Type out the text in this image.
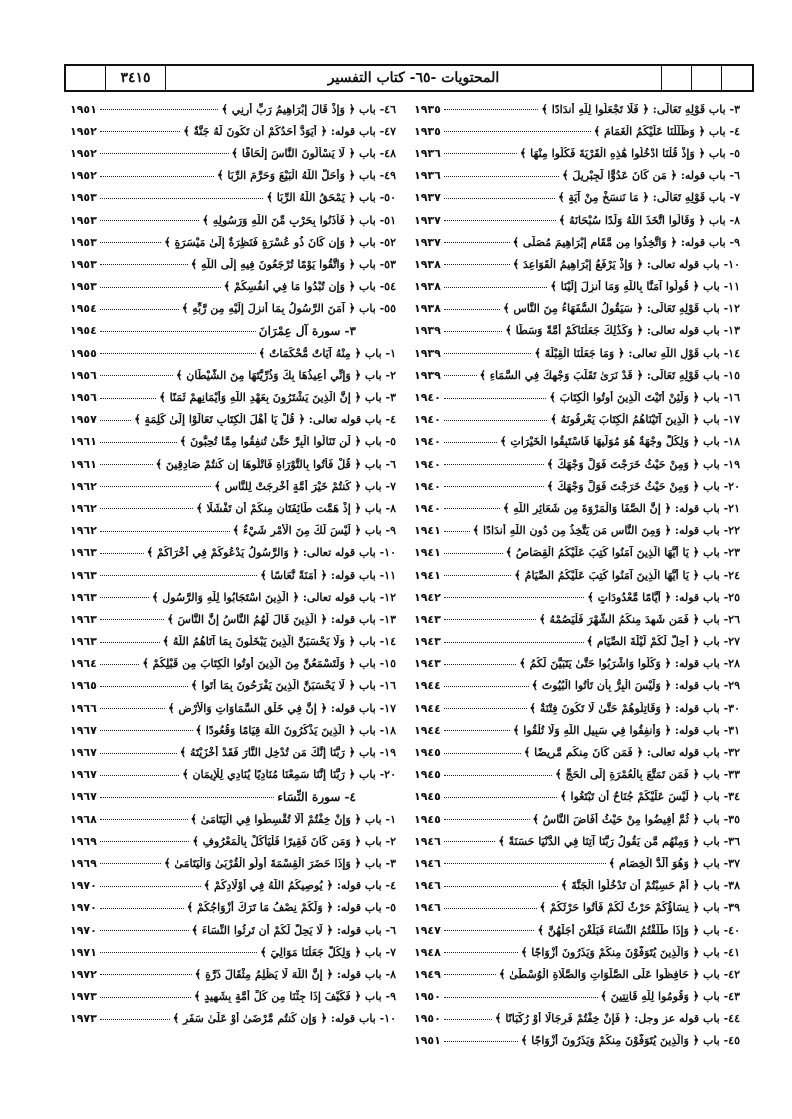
٣٤١٥	المحتويات -٦٥- كتاب التفسير
٣- باب قَوْلِهِ تَعَالَى: ﴿ فَلَا تَجْعَلُوا لِلَّهِ أَندَادًا ﴾
١٩٣٥
٤- باب ﴿ وَظَلَّلْنَا عَلَيْكُمُ الْغَمَامَ ﴾
١٩٣٥
٥- باب ﴿ وَإِذْ قُلْنَا ادْخُلُوا هَٰذِهِ الْقَرْيَةَ فَكُلُوا مِنْهَا ﴾
١٩٣٦
٦- باب قوله: ﴿ مَن كَانَ عَدُوًّا لِّجِبْرِيلَ ﴾
١٩٣٦
٧- باب قَوْلِهِ تَعَالَى: ﴿ مَا نَنسَخْ مِنْ آيَةٍ ﴾
١٩٣٧
٨- باب ﴿ وَقَالُوا اتَّخَذَ اللَّهُ وَلَدًا سُبْحَانَهُ ﴾
١٩٣٧
٩- باب قوله: ﴿ وَاتَّخِذُوا مِن مَّقَامِ إِبْرَاهِيمَ مُصَلًّى ﴾
١٩٣٧
١٠- باب قوله تعالى: ﴿ وَإِذْ يَرْفَعُ إِبْرَاهِيمُ الْقَوَاعِدَ ﴾
١٩٣٨
١١- باب ﴿ قُولُوا آمَنَّا بِاللَّهِ وَمَا أُنزِلَ إِلَيْنَا ﴾
١٩٣٨
١٢- باب قَوْلِهِ تَعَالَى: ﴿ سَيَقُولُ السُّفَهَاءُ مِنَ النَّاسِ ﴾
١٩٣٨
١٣- باب قوله تعالى: ﴿ وَكَذَٰلِكَ جَعَلْنَاكُمْ أُمَّةً وَسَطًا ﴾
١٩٣٩
١٤- باب قَوْلِ اللَّهِ تعالى: ﴿ وَمَا جَعَلْنَا الْقِبْلَةَ ﴾
١٩٣٩
١٥- باب قَوْلِهِ تَعَالَى: ﴿ قَدْ نَرَىٰ تَقَلُّبَ وَجْهِكَ فِي السَّمَاءِ ﴾
١٩٣٩
١٦- باب ﴿ وَلَئِنْ أَتَيْتَ الَّذِينَ أُوتُوا الْكِتَابَ ﴾
١٩٤٠
١٧- باب ﴿ الَّذِينَ آتَيْنَاهُمُ الْكِتَابَ يَعْرِفُونَهُ ﴾
١٩٤٠
١٨- باب ﴿ وَلِكُلٍّ وِجْهَةٌ هُوَ مُوَلِّيهَا فَاسْتَبِقُوا الْخَيْرَاتِ ﴾
١٩٤٠
١٩- باب ﴿ وَمِنْ حَيْثُ خَرَجْتَ فَوَلِّ وَجْهَكَ ﴾
١٩٤٠
٢٠- باب ﴿ وَمِنْ حَيْثُ خَرَجْتَ فَوَلِّ وَجْهَكَ ﴾
١٩٤٠
٢١- باب قوله: ﴿ إِنَّ الصَّفَا وَالْمَرْوَةَ مِن شَعَائِرِ اللَّهِ ﴾
١٩٤٠
٢٢- باب قوله: ﴿ وَمِنَ النَّاسِ مَن يَتَّخِذُ مِن دُونِ اللَّهِ أَندَادًا ﴾
١٩٤١
٢٣- باب ﴿ يَا أَيُّهَا الَّذِينَ آمَنُوا كُتِبَ عَلَيْكُمُ الْقِصَاصُ ﴾
١٩٤١
٢٤- باب ﴿ يَا أَيُّهَا الَّذِينَ آمَنُوا كُتِبَ عَلَيْكُمُ الصِّيَامُ ﴾
١٩٤١
٢٥- باب قوله: ﴿ أَيَّامًا مَّعْدُودَاتٍ ﴾
١٩٤٢
٢٦- باب ﴿ فَمَن شَهِدَ مِنكُمُ الشَّهْرَ فَلْيَصُمْهُ ﴾
١٩٤٣
٢٧- باب ﴿ أُحِلَّ لَكُمْ لَيْلَةَ الصِّيَامِ ﴾
١٩٤٣
٢٨- باب قوله: ﴿ وَكُلُوا وَاشْرَبُوا حَتَّىٰ يَتَبَيَّنَ لَكُمُ ﴾
١٩٤٣
٢٩- باب قوله: ﴿ وَلَيْسَ الْبِرُّ بِأَن تَأْتُوا الْبُيُوتَ ﴾
١٩٤٤
٣٠- باب قوله: ﴿ وَقَاتِلُوهُمْ حَتَّىٰ لَا تَكُونَ فِتْنَةٌ ﴾
١٩٤٤
٣١- باب قوله: ﴿ وَأَنفِقُوا فِي سَبِيلِ اللَّهِ وَلَا تُلْقُوا ﴾
١٩٤٤
٣٢- باب قوله تعالى: ﴿ فَمَن كَانَ مِنكُم مَّرِيضًا ﴾
١٩٤٥
٣٣- باب ﴿ فَمَن تَمَتَّعَ بِالْعُمْرَةِ إِلَى الْحَجِّ ﴾
١٩٤٥
٣٤- باب ﴿ لَيْسَ عَلَيْكُمْ جُنَاحٌ أَن تَبْتَغُوا ﴾
١٩٤٥
٣٥- باب ﴿ ثُمَّ أَفِيضُوا مِنْ حَيْثُ أَفَاضَ النَّاسُ ﴾
١٩٤٥
٣٦- باب ﴿ وَمِنْهُم مَّن يَقُولُ رَبَّنَا آتِنَا فِي الدُّنْيَا حَسَنَةً ﴾
١٩٤٦
٣٧- باب ﴿ وَهُوَ أَلَدُّ الْخِصَامِ ﴾
١٩٤٦
٣٨- باب ﴿ أَمْ حَسِبْتُمْ أَن تَدْخُلُوا الْجَنَّةَ ﴾
١٩٤٦
٣٩- باب ﴿ نِسَاؤُكُمْ حَرْثٌ لَّكُمْ فَأْتُوا حَرْثَكُمْ ﴾
١٩٤٦
٤٠- باب ﴿ وَإِذَا طَلَّقْتُمُ النِّسَاءَ فَبَلَغْنَ أَجَلَهُنَّ ﴾
١٩٤٧
٤١- باب ﴿ وَالَّذِينَ يُتَوَفَّوْنَ مِنكُمْ وَيَذَرُونَ أَزْوَاجًا ﴾
١٩٤٨
٤٢- باب ﴿ حَافِظُوا عَلَى الصَّلَوَاتِ وَالصَّلَاةِ الْوُسْطَىٰ ﴾
١٩٤٩
٤٣- باب ﴿ وَقُومُوا لِلَّهِ قَانِتِينَ ﴾
١٩٥٠
٤٤- باب قوله عز وجل: ﴿ فَإِنْ خِفْتُمْ فَرِجَالًا أَوْ رُكْبَانًا ﴾
١٩٥٠
٤٥- باب ﴿ وَالَّذِينَ يُتَوَفَّوْنَ مِنكُمْ وَيَذَرُونَ أَزْوَاجًا ﴾
١٩٥١
٤٦- باب ﴿ وَإِذْ قَالَ إِبْرَاهِيمُ رَبِّ أَرِنِي ﴾
١٩٥١
٤٧- باب قوله: ﴿ أَيَوَدُّ أَحَدُكُمْ أَن تَكُونَ لَهُ جَنَّةٌ ﴾
١٩٥٢
٤٨- باب ﴿ لَا يَسْأَلُونَ النَّاسَ إِلْحَافًا ﴾
١٩٥٢
٤٩- باب ﴿ وَأَحَلَّ اللَّهُ الْبَيْعَ وَحَرَّمَ الرِّبَا ﴾
١٩٥٢
٥٠- باب ﴿ يَمْحَقُ اللَّهُ الرِّبَا ﴾
١٩٥٣
٥١- باب ﴿ فَأْذَنُوا بِحَرْبٍ مِّنَ اللَّهِ وَرَسُولِهِ ﴾
١٩٥٣
٥٢- باب ﴿ وَإِن كَانَ ذُو عُسْرَةٍ فَنَظِرَةٌ إِلَىٰ مَيْسَرَةٍ ﴾
١٩٥٣
٥٣- باب ﴿ وَاتَّقُوا يَوْمًا تُرْجَعُونَ فِيهِ إِلَى اللَّهِ ﴾
١٩٥٣
٥٤- باب ﴿ وَإِن تُبْدُوا مَا فِي أَنفُسِكُمْ ﴾
١٩٥٣
٥٥- باب ﴿ آمَنَ الرَّسُولُ بِمَا أُنزِلَ إِلَيْهِ مِن رَّبِّهِ ﴾
١٩٥٤
٣- سورة آل عِمْرَانَ
١٩٥٤
١- باب ﴿ مِنْهُ آيَاتٌ مُّحْكَمَاتٌ ﴾
١٩٥٥
٢- باب ﴿ وَإِنِّي أُعِيذُهَا بِكَ وَذُرِّيَّتَهَا مِنَ الشَّيْطَانِ ﴾
١٩٥٦
٣- باب ﴿ إِنَّ الَّذِينَ يَشْتَرُونَ بِعَهْدِ اللَّهِ وَأَيْمَانِهِمْ ثَمَنًا ﴾
١٩٥٦
٤- باب قوله تعالى: ﴿ قُلْ يَا أَهْلَ الْكِتَابِ تَعَالَوْا إِلَىٰ كَلِمَةٍ ﴾
١٩٥٧
٥- باب ﴿ لَن تَنَالُوا الْبِرَّ حَتَّىٰ تُنفِقُوا مِمَّا تُحِبُّونَ ﴾
١٩٦١
٦- باب ﴿ قُلْ فَأْتُوا بِالتَّوْرَاةِ فَاتْلُوهَا إِن كُنتُمْ صَادِقِينَ ﴾
١٩٦١
٧- باب ﴿ كُنتُمْ خَيْرَ أُمَّةٍ أُخْرِجَتْ لِلنَّاسِ ﴾
١٩٦٢
٨- باب ﴿ إِذْ هَمَّت طَّائِفَتَانِ مِنكُمْ أَن تَفْشَلَا ﴾
١٩٦٢
٩- باب ﴿ لَيْسَ لَكَ مِنَ الْأَمْرِ شَيْءٌ ﴾
١٩٦٢
١٠- باب قوله تعالى: ﴿ وَالرَّسُولُ يَدْعُوكُمْ فِي أُخْرَاكُمْ ﴾
١٩٦٣
١١- باب قوله: ﴿ أَمَنَةً نُّعَاسًا ﴾
١٩٦٣
١٢- باب قوله تعالى: ﴿ الَّذِينَ اسْتَجَابُوا لِلَّهِ وَالرَّسُولِ ﴾
١٩٦٣
١٣- باب قوله: ﴿ الَّذِينَ قَالَ لَهُمُ النَّاسُ إِنَّ النَّاسَ ﴾
١٩٦٣
١٤- باب ﴿ وَلَا يَحْسَبَنَّ الَّذِينَ يَبْخَلُونَ بِمَا آتَاهُمُ اللَّهُ ﴾
١٩٦٣
١٥- باب ﴿ وَلَتَسْمَعُنَّ مِنَ الَّذِينَ أُوتُوا الْكِتَابَ مِن قَبْلِكُمْ ﴾
١٩٦٤
١٦- باب ﴿ لَا يَحْسَبَنَّ الَّذِينَ يَفْرَحُونَ بِمَا أَتَوا ﴾
١٩٦٥
١٧- باب قوله: ﴿ إِنَّ فِي خَلْقِ السَّمَاوَاتِ وَالْأَرْضِ ﴾
١٩٦٦
١٨- باب ﴿ الَّذِينَ يَذْكُرُونَ اللَّهَ قِيَامًا وَقُعُودًا ﴾
١٩٦٧
١٩- باب ﴿ رَبَّنَا إِنَّكَ مَن تُدْخِلِ النَّارَ فَقَدْ أَخْزَيْتَهُ ﴾
١٩٦٧
٢٠- باب ﴿ رَبَّنَا إِنَّنَا سَمِعْنَا مُنَادِيًا يُنَادِي لِلْإِيمَانِ ﴾
١٩٦٧
٤- سورة النِّسَاء
١٩٦٧
١- باب ﴿ وَإِنْ خِفْتُمْ أَلَّا تُقْسِطُوا فِي الْيَتَامَىٰ ﴾
١٩٦٨
٢- باب ﴿ وَمَن كَانَ فَقِيرًا فَلْيَأْكُلْ بِالْمَعْرُوفِ ﴾
١٩٦٩
٣- باب ﴿ وَإِذَا حَضَرَ الْقِسْمَةَ أُولُو الْقُرْبَىٰ وَالْيَتَامَىٰ ﴾
١٩٦٩
٤- باب قوله: ﴿ يُوصِيكُمُ اللَّهُ فِي أَوْلَادِكُمْ ﴾
١٩٧٠
٥- باب قوله: ﴿ وَلَكُمْ نِصْفُ مَا تَرَكَ أَزْوَاجُكُمْ ﴾
١٩٧٠
٦- باب قوله: ﴿ لَا يَحِلُّ لَكُمْ أَن تَرِثُوا النِّسَاءَ ﴾
١٩٧٠
٧- باب ﴿ وَلِكُلٍّ جَعَلْنَا مَوَالِيَ ﴾
١٩٧١
٨- باب قوله: ﴿ إِنَّ اللَّهَ لَا يَظْلِمُ مِثْقَالَ ذَرَّةٍ ﴾
١٩٧٢
٩- باب ﴿ فَكَيْفَ إِذَا جِئْنَا مِن كُلِّ أُمَّةٍ بِشَهِيدٍ ﴾
١٩٧٣
١٠- باب قوله: ﴿ وَإِن كُنتُم مَّرْضَىٰ أَوْ عَلَىٰ سَفَرٍ ﴾
١٩٧٣
